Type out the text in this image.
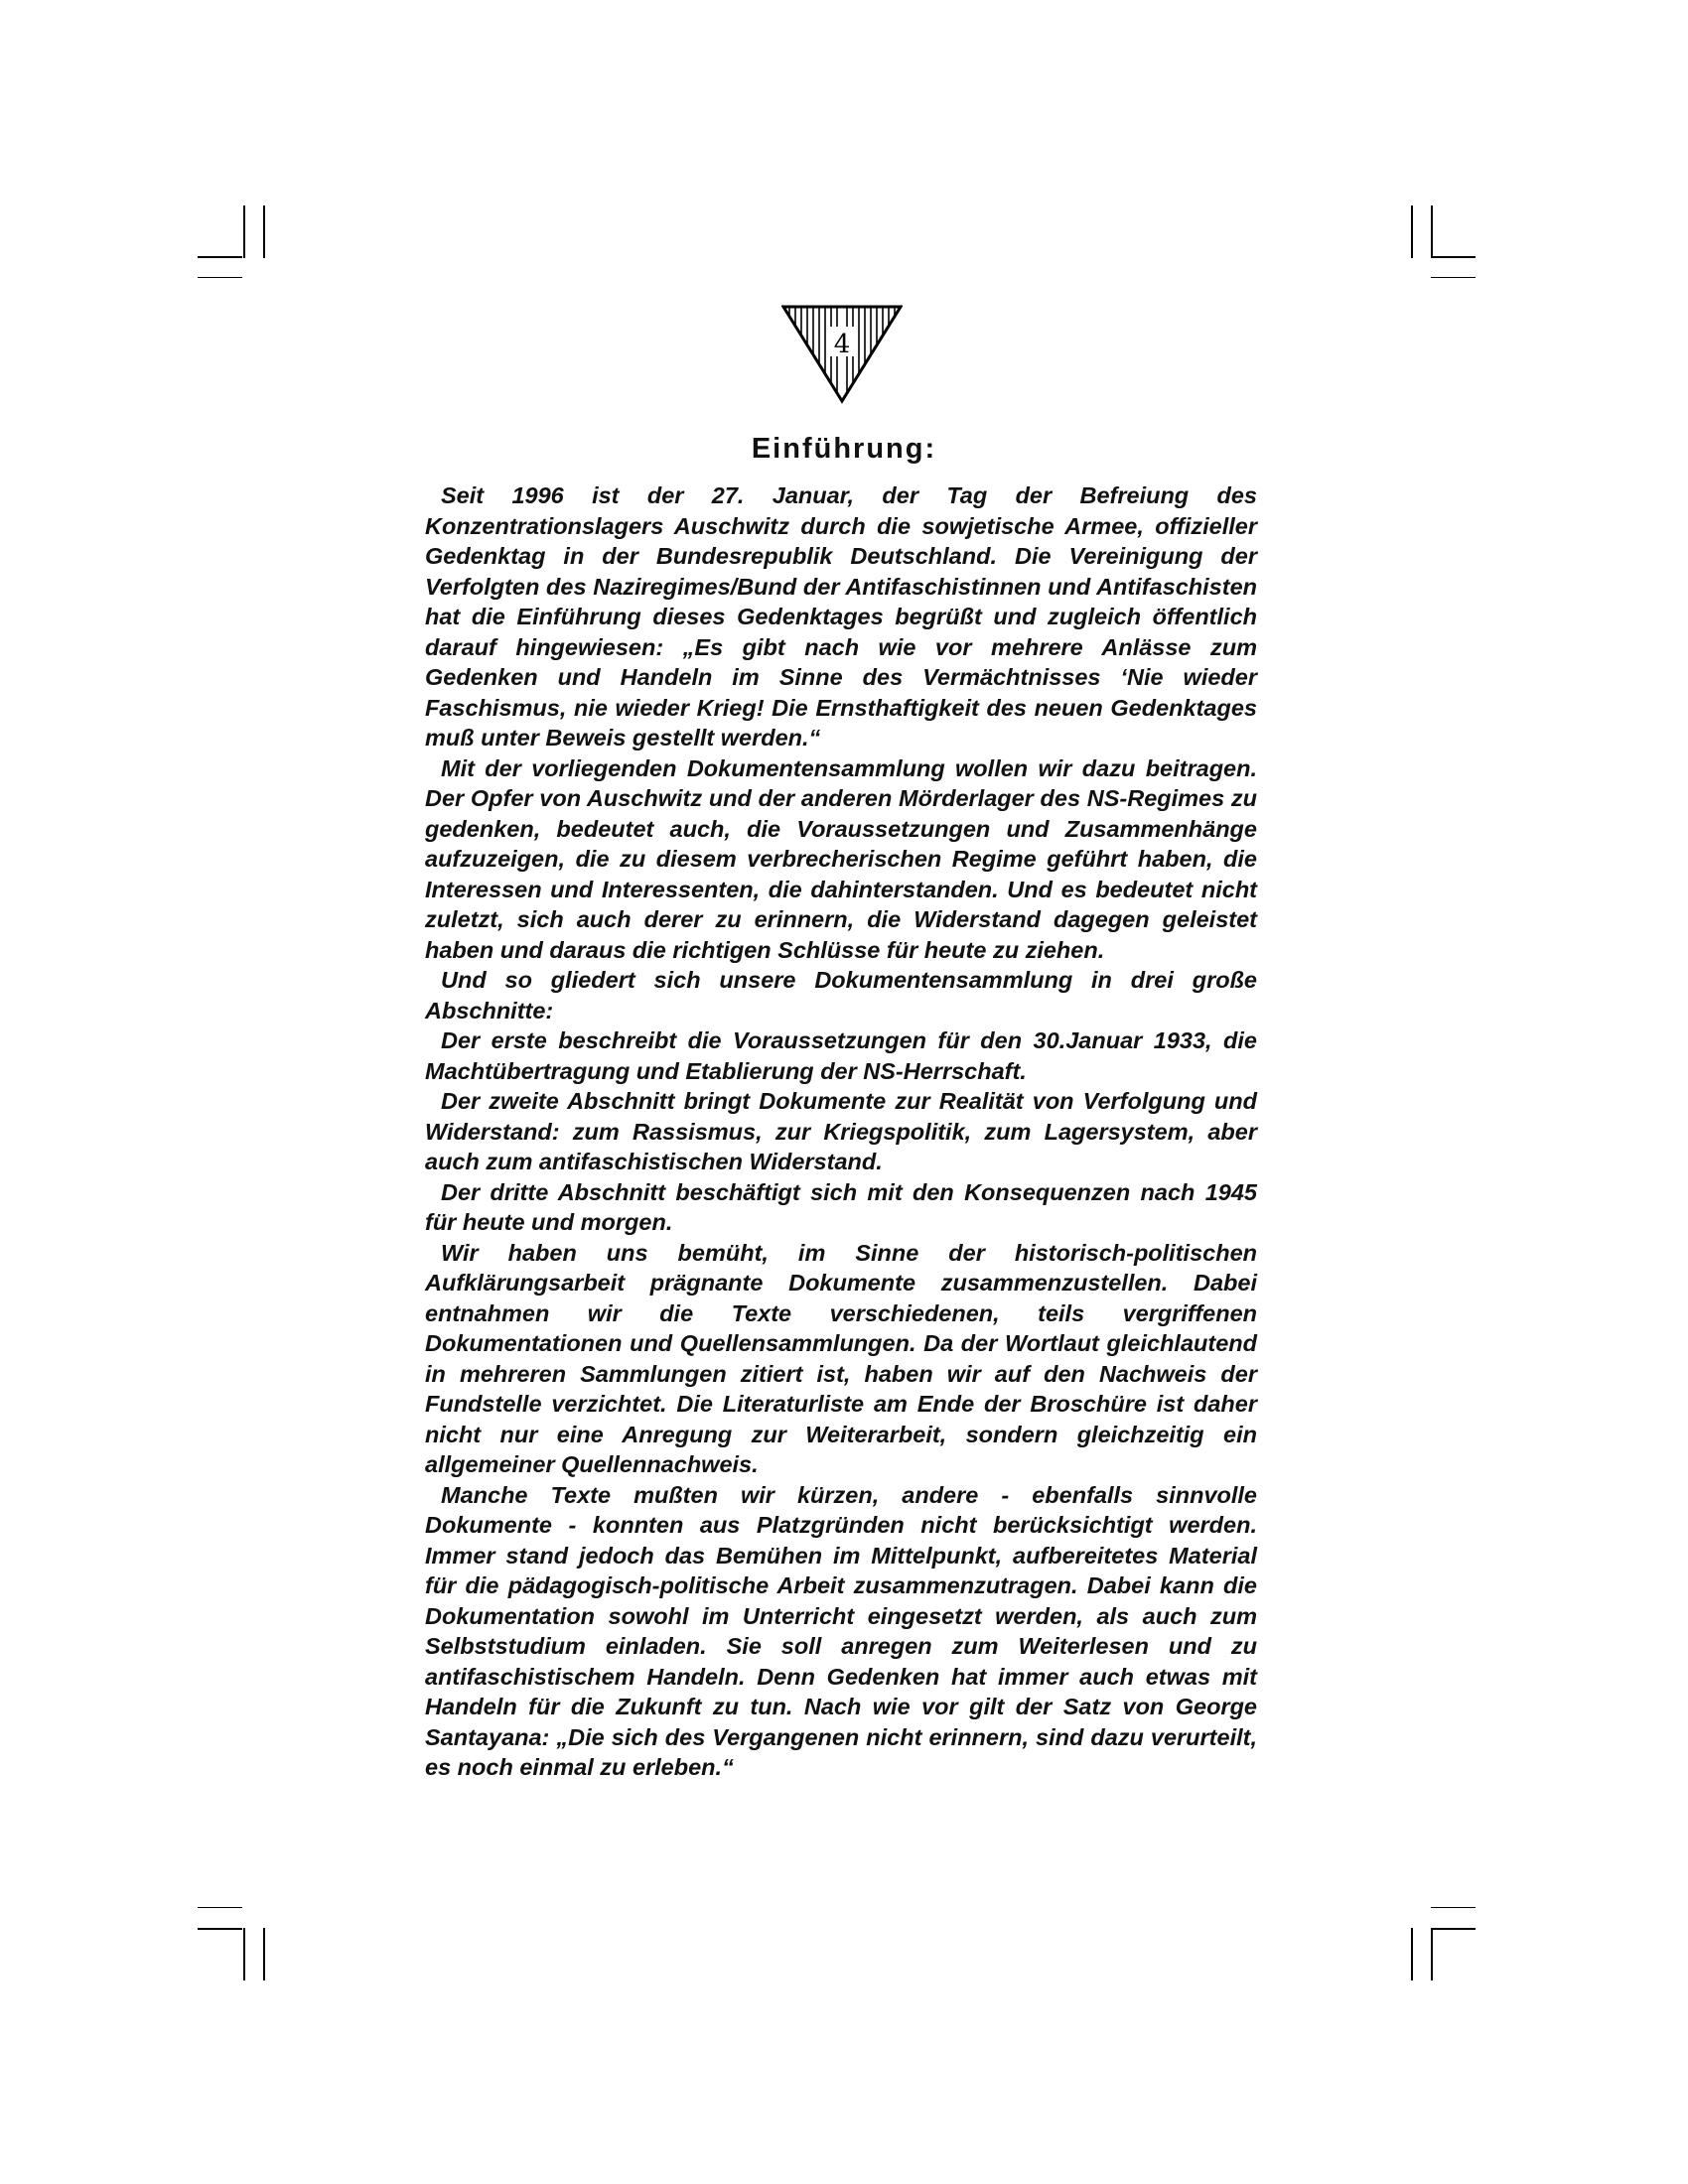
4
Einführung:

Seit 1996 ist der 27. Januar, der Tag der Befreiung des Konzentrationslagers Auschwitz durch die sowjetische Armee, offizieller Gedenktag in der Bundesrepublik Deutschland. Die Vereinigung der Verfolgten des Naziregimes/Bund der Antifaschistinnen und Antifaschisten hat die Einführung dieses Gedenktages begrüßt und zugleich öffentlich darauf hingewiesen: „Es gibt nach wie vor mehrere Anlässe zum Gedenken und Handeln im Sinne des Vermächtnisses ‘Nie wieder Faschismus, nie wieder Krieg! Die Ernsthaftigkeit des neuen Gedenktages muß unter Beweis gestellt werden.“

Mit der vorliegenden Dokumentensammlung wollen wir dazu beitragen. Der Opfer von Auschwitz und der anderen Mörderlager des NS-Regimes zu gedenken, bedeutet auch, die Voraussetzungen und Zusammenhänge aufzuzeigen, die zu diesem verbrecherischen Regime geführt haben, die Interessen und Interessenten, die dahinterstanden. Und es bedeutet nicht zuletzt, sich auch derer zu erinnern, die Widerstand dagegen geleistet haben und daraus die richtigen Schlüsse für heute zu ziehen.

Und so gliedert sich unsere Dokumentensammlung in drei große Abschnitte:

Der erste beschreibt die Voraussetzungen für den 30.Januar 1933, die Machtübertragung und Etablierung der NS-Herrschaft.

Der zweite Abschnitt bringt Dokumente zur Realität von Verfolgung und Widerstand: zum Rassismus, zur Kriegspolitik, zum Lagersystem, aber auch zum antifaschistischen Widerstand.

Der dritte Abschnitt beschäftigt sich mit den Konsequenzen nach 1945 für heute und morgen.

Wir haben uns bemüht, im Sinne der historisch-politischen Aufklärungsarbeit prägnante Dokumente zusammenzustellen. Dabei entnahmen wir die Texte verschiedenen, teils vergriffenen Dokumentationen und Quellensammlungen. Da der Wortlaut gleichlautend in mehreren Sammlungen zitiert ist, haben wir auf den Nachweis der Fundstelle verzichtet. Die Literaturliste am Ende der Broschüre ist daher nicht nur eine Anregung zur Weiterarbeit, sondern gleichzeitig ein allgemeiner Quellennachweis.

Manche Texte mußten wir kürzen, andere - ebenfalls sinnvolle Dokumente - konnten aus Platzgründen nicht berücksichtigt werden. Immer stand jedoch das Bemühen im Mittelpunkt, aufbereitetes Material für die pädagogisch-politische Arbeit zusammenzutragen. Dabei kann die Dokumentation sowohl im Unterricht eingesetzt werden, als auch zum Selbststudium einladen. Sie soll anregen zum Weiterlesen und zu antifaschistischem Handeln. Denn Gedenken hat immer auch etwas mit Handeln für die Zukunft zu tun. Nach wie vor gilt der Satz von George Santayana: „Die sich des Vergangenen nicht erinnern, sind dazu verurteilt, es noch einmal zu erleben.“
